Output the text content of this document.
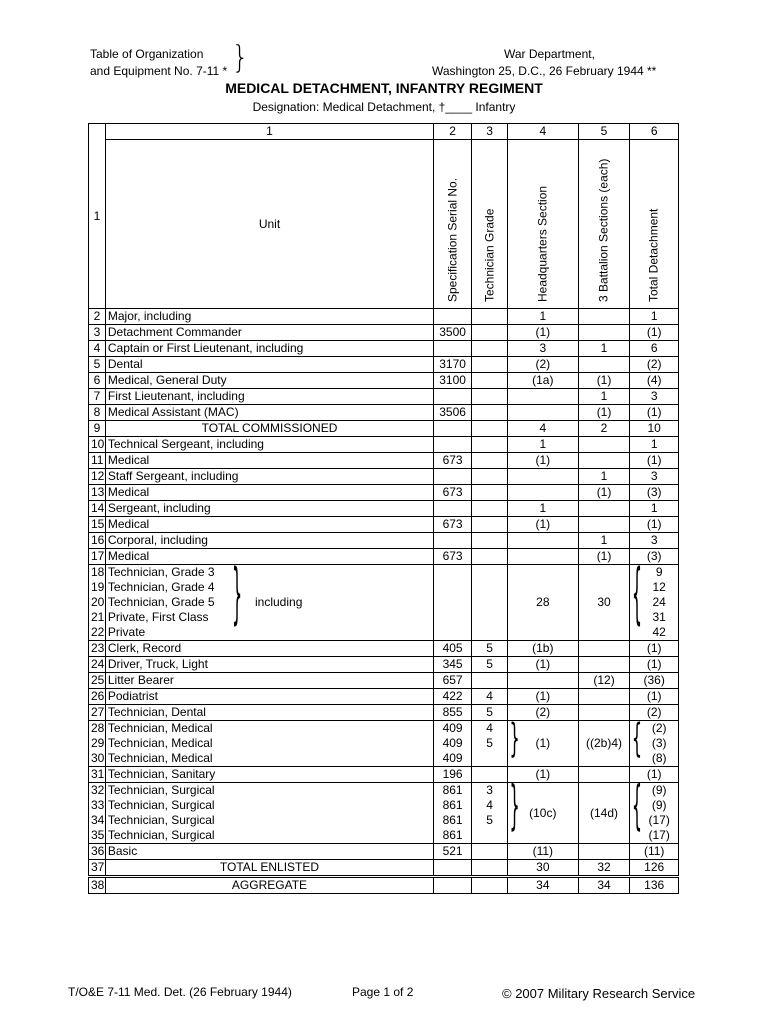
Table of Organization
and Equipment No. 7-11 * }	War Department,
Washington 25, D.C., 26 February 1944 **
MEDICAL DETACHMENT, INFANTRY REGIMENT
Designation: Medical Detachment, †____ Infantry
1	1	2	3	4	5	6
	Unit	Specification Serial No.	Technician Grade	Headquarters Section	3 Battalion Sections (each)	Total Detachment

2	Major, including			1		1
3	Detachment Commander	3500		(1)		(1)
4	Captain or First Lieutenant, including			3	1	6
5	Dental	3170		(2)		(2)
6	Medical, General Duty	3100		(1a)	(1)	(4)
7	First Lieutenant, including				1	3
8	Medical Assistant (MAC)	3506			(1)	(1)
9	TOTAL COMMISSIONED			4	2	10
10	Technical Sergeant, including			1		1
11	Medical	673		(1)		(1)
12	Staff Sergeant, including				1	3
13	Medical	673			(1)	(3)
14	Sergeant, including			1		1
15	Medical	673		(1)		(1)
16	Corporal, including				1	3
17	Medical	673			(1)	(3)
18	Technician, Grade 3			28	30	9
19	Technician, Grade 4					12
20	Technician, Grade 5					24
21	Private, First Class					31
22	Private					42
23	Clerk, Record	405	5	(1b)		(1)
24	Driver, Truck, Light	345	5	(1)		(1)
25	Litter Bearer	657			(12)	(36)
26	Podiatrist	422	4	(1)		(1)
27	Technician, Dental	855	5	(2)		(2)
28	Technician, Medical	409	4	(1)	((2b)4)	(2)
29	Technician, Medical	409	5			(3)
30	Technician, Medical	409				(8)
31	Technician, Sanitary	196		(1)		(1)
32	Technician, Surgical	861	3	(10c)	(14d)	(9)
33	Technician, Surgical	861	4			(9)
34	Technician, Surgical	861	5			(17)
35	Technician, Surgical	861				(17)
36	Basic	521		(11)		(11)
37	TOTAL ENLISTED			30	32	126
38	AGGREGATE			34	34	136
T/O&E 7-11 Med. Det. (26 February 1944)	Page 1 of 2	© 2007 Military Research Service
} including	{
}	{
}	{
